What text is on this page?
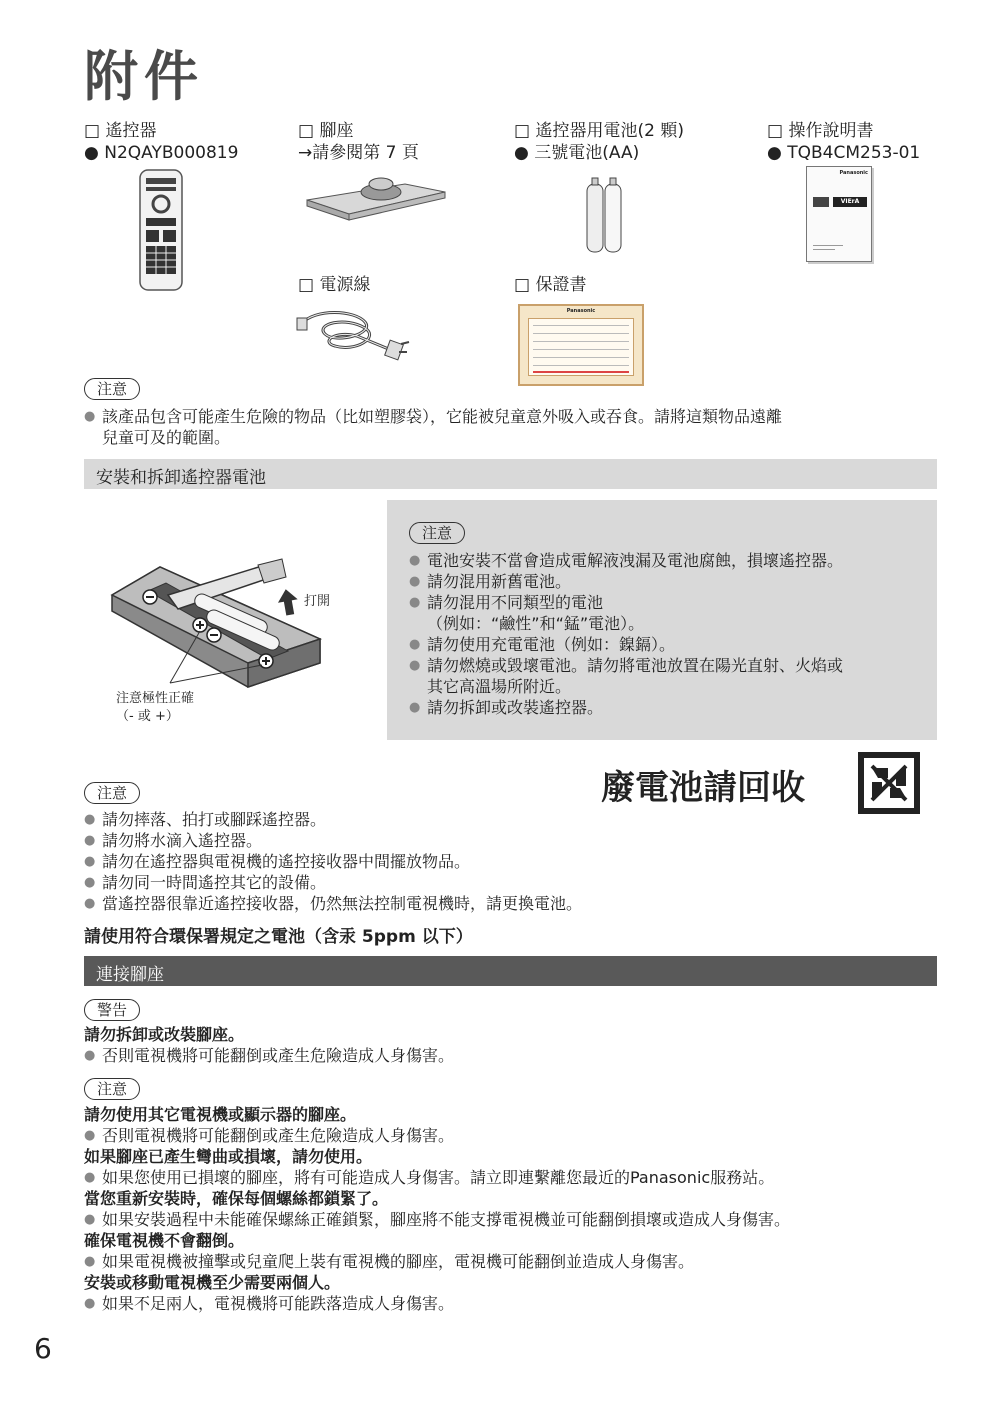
附件
□ 遙控器
● N2QAYB000819
□ 腳座
→請參閱第 7 頁
□ 遙控器用電池(2 顆)
● 三號電池(AA)
□ 操作說明書
● TQB4CM253-01
Panasonic
VIErA
□ 電源線	□ 保證書
Panasonic
注意
● 該產品包含可能產生危險的物品（比如塑膠袋），它能被兒童意外吸入或吞食。請將這類物品遠離
兒童可及的範圍。
安裝和拆卸遙控器電池
打開
注意極性正確
（- 或 +）
注意
● 電池安裝不當會造成電解液洩漏及電池腐蝕，損壞遙控器。
● 請勿混用新舊電池。
● 請勿混用不同類型的電池
（例如：“鹼性”和“錳”電池）。
● 請勿使用充電電池（例如：鎳鎘）。
● 請勿燃燒或毀壞電池。請勿將電池放置在陽光直射、火焰或
其它高溫場所附近。
● 請勿拆卸或改裝遙控器。
廢電池請回收
注意
● 請勿摔落、拍打或腳踩遙控器。
● 請勿將水滴入遙控器。
● 請勿在遙控器與電視機的遙控接收器中間擺放物品。
● 請勿同一時間遙控其它的設備。
● 當遙控器很靠近遙控接收器，仍然無法控制電視機時，請更換電池。
請使用符合環保署規定之電池（含汞 5ppm 以下）
連接腳座
警告
請勿拆卸或改裝腳座。
● 否則電視機將可能翻倒或產生危險造成人身傷害。
注意
請勿使用其它電視機或顯示器的腳座。
● 否則電視機將可能翻倒或產生危險造成人身傷害。
如果腳座已產生彎曲或損壞，請勿使用。
● 如果您使用已損壞的腳座，將有可能造成人身傷害。請立即連繫離您最近的Panasonic服務站。
當您重新安裝時，確保每個螺絲都鎖緊了。
● 如果安裝過程中未能確保螺絲正確鎖緊，腳座將不能支撐電視機並可能翻倒損壞或造成人身傷害。
確保電視機不會翻倒。
● 如果電視機被撞擊或兒童爬上裝有電視機的腳座，電視機可能翻倒並造成人身傷害。
安裝或移動電視機至少需要兩個人。
● 如果不足兩人，電視機將可能跌落造成人身傷害。
6
